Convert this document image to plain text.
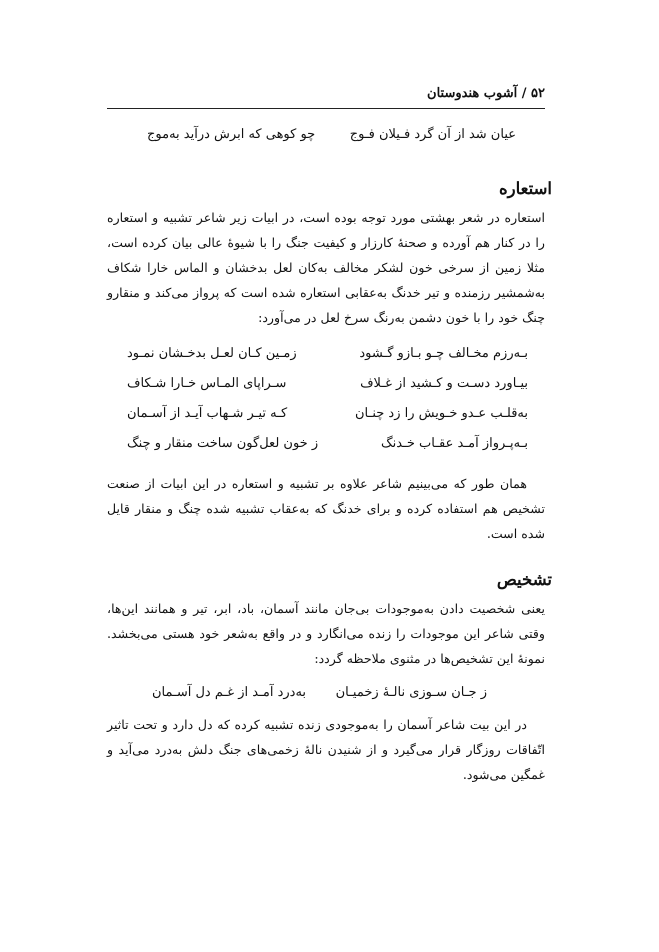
۵۲ / آشوب هندوستان
عیان شد از آن گرد فـیلان فـوج
چو کوهی که ابرش درآید به‌موج
استعاره

استعاره در شعر بهشتی مورد توجه بوده است، در ابیات زیر شاعر تشبیه و استعاره را در کنار هم آورده و صحنهٔ کارزار و کیفیت جنگ را با شیوهٔ عالی بیان کرده است، مثلا زمین از سرخی خون لشکر مخالف به‌کان لعل بدخشان و الماس خارا شکاف به‌شمشیر رزمنده و تیر خدنگ به‌عقابی استعاره شده است که پرواز می‌کند و منقارو چنگ خود را با خون دشمن به‌رنگ سرخ لعل در می‌آورد:

بـه‌رزم مخـالف چـو بـازو گـشود
زمـین کـان لعـل بدخـشان نمـود
بیـاورد دسـت و کـشید از غـلاف
سـراپای المـاس خـارا شـکاف
به‌قلـب عـدو خـویش را زد چنـان
کـه تیـر شـهاب آیـد از آسـمان
بـه‌پـرواز آمـد عقـاب خـدنگ
ز خون لعل‌گون ساخت منقار و چنگ

همان طور که می‌بینیم شاعر علاوه بر تشبیه و استعاره در این ابیات از صنعت تشخیص هم استفاده کرده و برای خدنگ که به‌عقاب تشبیه شده چنگ و منقار قایل شده است.

تشخیص

یعنی شخصیت دادن به‌موجودات بی‌جان مانند آسمان، باد، ابر، تیر و همانند این‌ها، وقتی شاعر این موجودات را زنده می‌انگارد و در واقع به‌شعر خود هستی می‌بخشد. نمونهٔ این تشخیص‌ها در مثنوی ملاحظه گردد:

ز جـان سـوزی نالـهٔ زخمیـان
به‌درد آمـد از غـم دل آسـمان

در این بیت شاعر آسمان را به‌موجودی زنده تشبیه کرده که دل دارد و تحت تاثیر اتّفاقات روزگار قرار می‌گیرد و از شنیدن نالهٔ زخمی‌های جنگ دلش به‌درد می‌آید و غمگین می‌شود.
